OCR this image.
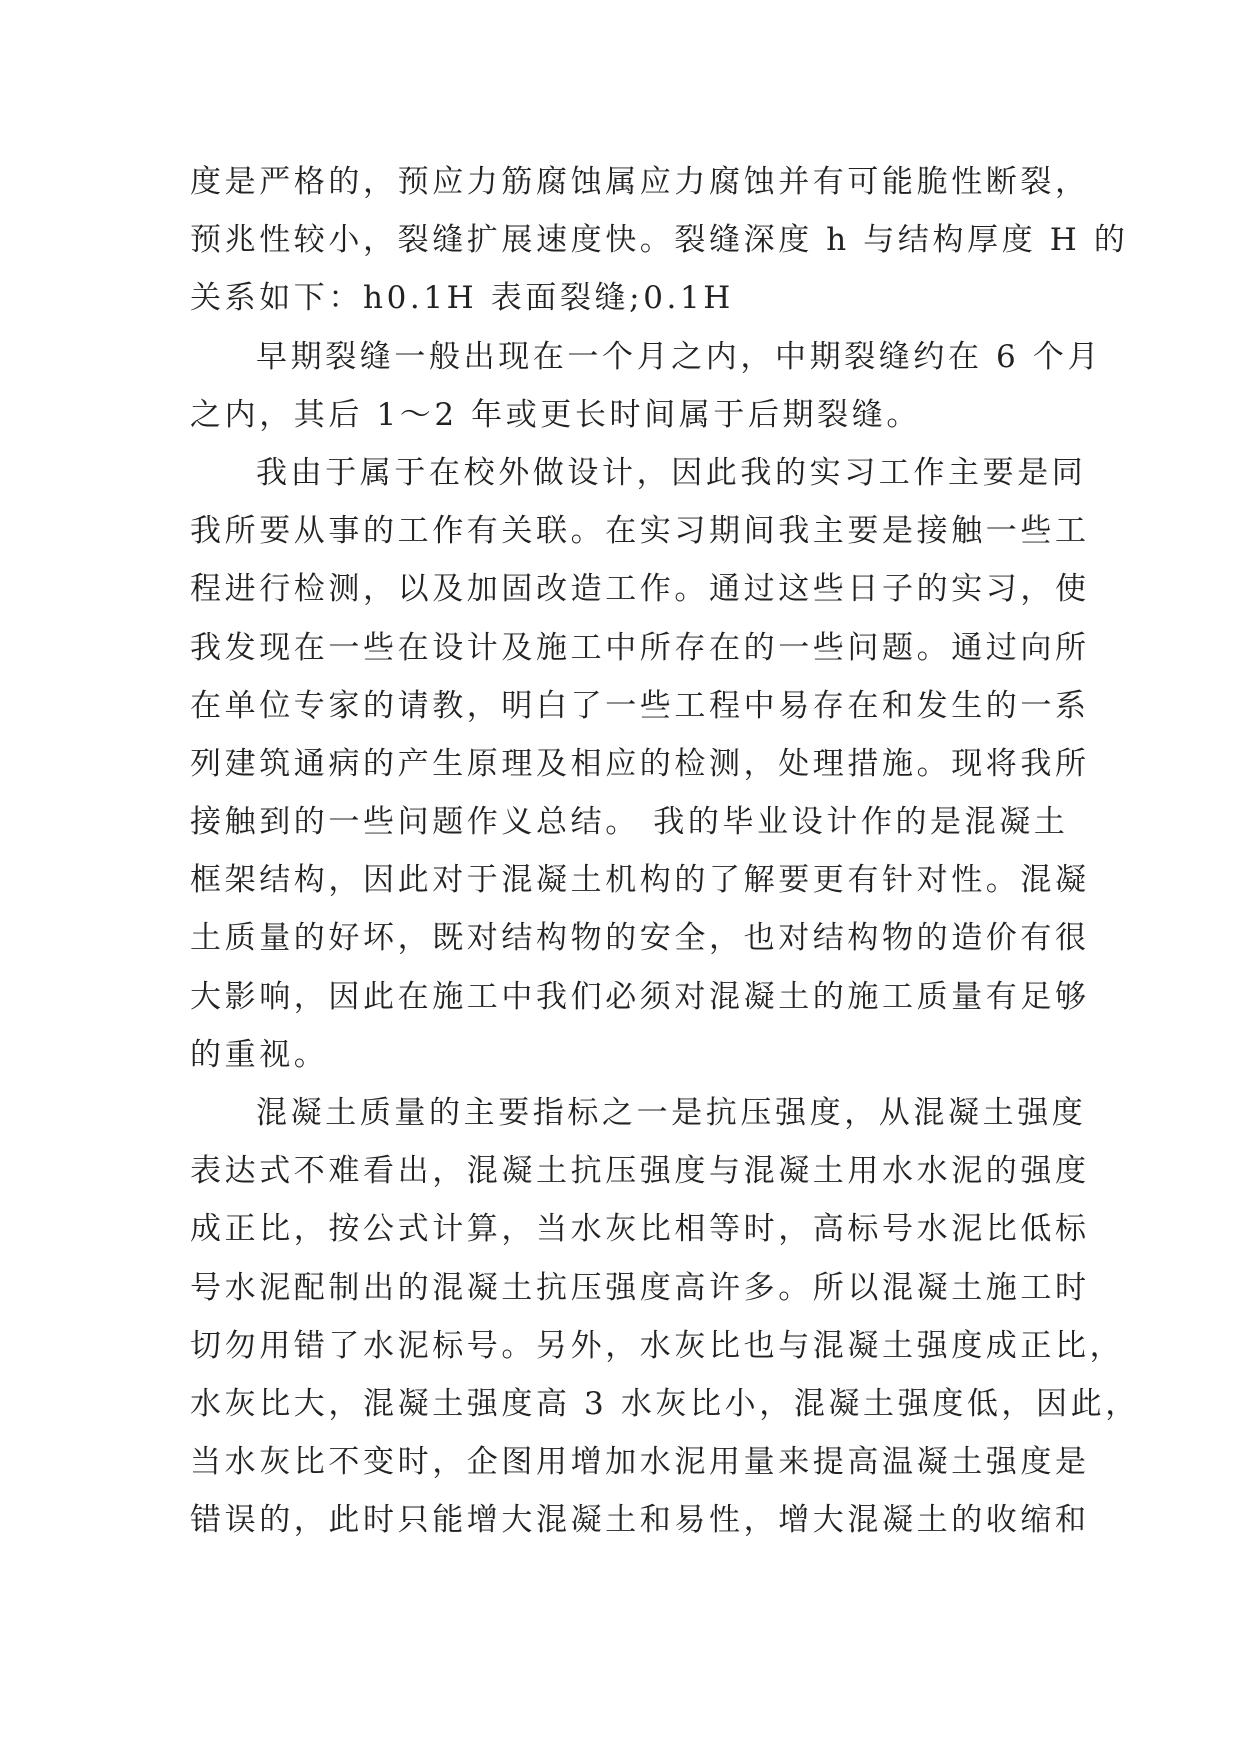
度是严格的，预应力筋腐蚀属应力腐蚀并有可能脆性断裂，
预兆性较小，裂缝扩展速度快。裂缝深度 h 与结构厚度 H 的
关系如下：h0.1H 表面裂缝;0.1H
早期裂缝一般出现在一个月之内，中期裂缝约在 6 个月
之内，其后 1～2 年或更长时间属于后期裂缝。
我由于属于在校外做设计，因此我的实习工作主要是同
我所要从事的工作有关联。在实习期间我主要是接触一些工
程进行检测，以及加固改造工作。通过这些日子的实习，使
我发现在一些在设计及施工中所存在的一些问题。通过向所
在单位专家的请教，明白了一些工程中易存在和发生的一系
列建筑通病的产生原理及相应的检测，处理措施。现将我所
接触到的一些问题作义总结。 我的毕业设计作的是混凝土
框架结构，因此对于混凝土机构的了解要更有针对性。混凝
土质量的好坏，既对结构物的安全，也对结构物的造价有很
大影响，因此在施工中我们必须对混凝土的施工质量有足够
的重视。
混凝土质量的主要指标之一是抗压强度，从混凝土强度
表达式不难看出，混凝土抗压强度与混凝土用水水泥的强度
成正比，按公式计算，当水灰比相等时，高标号水泥比低标
号水泥配制出的混凝土抗压强度高许多。所以混凝土施工时
切勿用错了水泥标号。另外，水灰比也与混凝土强度成正比，
水灰比大，混凝土强度高 3 水灰比小，混凝土强度低，因此，
当水灰比不变时，企图用增加水泥用量来提高温凝土强度是
错误的，此时只能增大混凝土和易性，增大混凝土的收缩和
